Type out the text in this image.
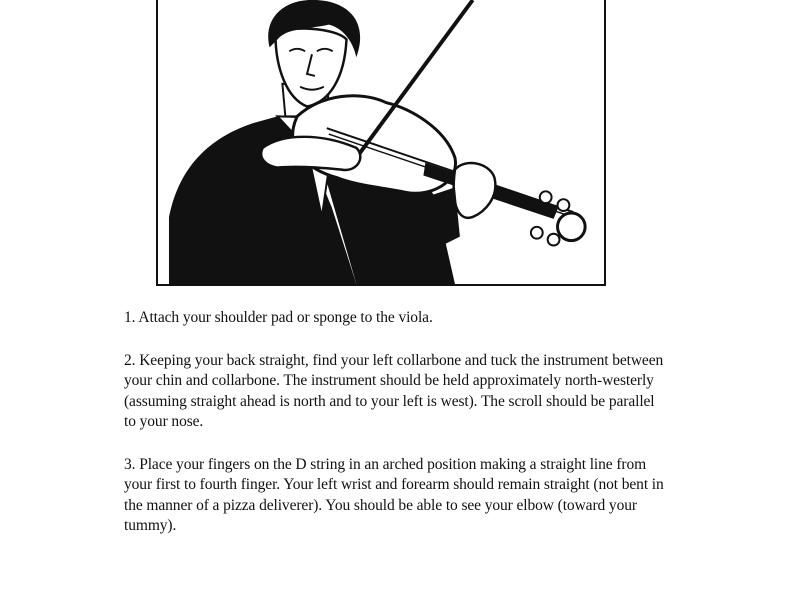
1. Attach your shoulder pad or sponge to the viola.

2. Keeping your back straight, find your left collarbone and tuck the instrument between your chin and collarbone. The instrument should be held approximately north-westerly (assuming straight ahead is north and to your left is west). The scroll should be parallel to your nose.

3. Place your fingers on the D string in an arched position making a straight line from your first to fourth finger. Your left wrist and forearm should remain straight (not bent in the manner of a pizza deliverer). You should be able to see your elbow (toward your tummy).
